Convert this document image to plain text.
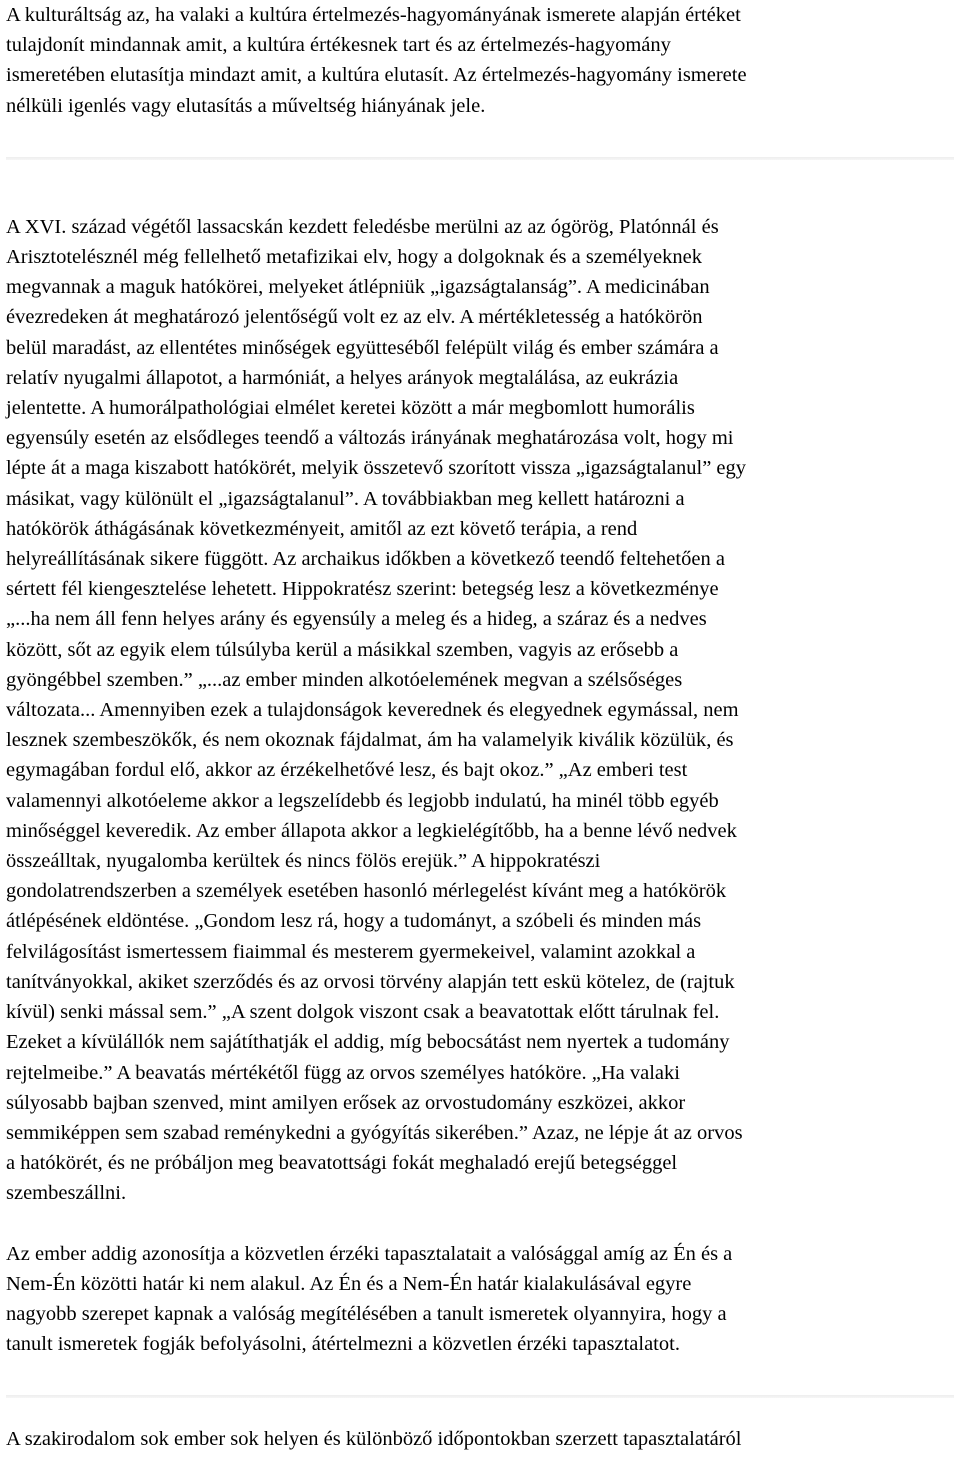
A kulturáltság az, ha valaki a kultúra értelmezés-hagyományának ismerete alapján értéket
tulajdonít mindannak amit, a kultúra értékesnek tart és az értelmezés-hagyomány
ismeretében elutasítja mindazt amit, a kultúra elutasít. Az értelmezés-hagyomány ismerete
nélküli igenlés vagy elutasítás a műveltség hiányának jele.

A XVI. század végétől lassacskán kezdett feledésbe merülni az az ógörög, Platónnál és
Arisztotelésznél még fellelhető metafizikai elv, hogy a dolgoknak és a személyeknek
megvannak a maguk hatókörei, melyeket átlépniük „igazságtalanság”. A medicinában
évezredeken át meghatározó jelentőségű volt ez az elv. A mértékletesség a hatókörön
belül maradást, az ellentétes minőségek együtteséből felépült világ és ember számára a
relatív nyugalmi állapotot, a harmóniát, a helyes arányok megtalálása, az eukrázia
jelentette. A humorálpathológiai elmélet keretei között a már megbomlott humorális
egyensúly esetén az elsődleges teendő a változás irányának meghatározása volt, hogy mi
lépte át a maga kiszabott hatókörét, melyik összetevő szorított vissza „igazságtalanul” egy
másikat, vagy különült el „igazságtalanul”. A továbbiakban meg kellett határozni a
hatókörök áthágásának következményeit, amitől az ezt követő terápia, a rend
helyreállításának sikere függött. Az archaikus időkben a következő teendő feltehetően a
sértett fél kiengesztelése lehetett. Hippokratész szerint: betegség lesz a következménye
„...ha nem áll fenn helyes arány és egyensúly a meleg és a hideg, a száraz és a nedves
között, sőt az egyik elem túlsúlyba kerül a másikkal szemben, vagyis az erősebb a
gyöngébbel szemben.” „...az ember minden alkotóelemének megvan a szélsőséges
változata... Amennyiben ezek a tulajdonságok keverednek és elegyednek egymással, nem
lesznek szembeszökők, és nem okoznak fájdalmat, ám ha valamelyik kiválik közülük, és
egymagában fordul elő, akkor az érzékelhetővé lesz, és bajt okoz.” „Az emberi test
valamennyi alkotóeleme akkor a legszelídebb és legjobb indulatú, ha minél több egyéb
minőséggel keveredik. Az ember állapota akkor a legkielégítőbb, ha a benne lévő nedvek
összeálltak, nyugalomba kerültek és nincs fölös erejük.” A hippokratészi
gondolatrendszerben a személyek esetében hasonló mérlegelést kívánt meg a hatókörök
átlépésének eldöntése. „Gondom lesz rá, hogy a tudományt, a szóbeli és minden más
felvilágosítást ismertessem fiaimmal és mesterem gyermekeivel, valamint azokkal a
tanítványokkal, akiket szerződés és az orvosi törvény alapján tett eskü kötelez, de (rajtuk
kívül) senki mással sem.” „A szent dolgok viszont csak a beavatottak előtt tárulnak fel.
Ezeket a kívülállók nem sajátíthatják el addig, míg bebocsátást nem nyertek a tudomány
rejtelmeibe.” A beavatás mértékétől függ az orvos személyes hatóköre. „Ha valaki
súlyosabb bajban szenved, mint amilyen erősek az orvostudomány eszközei, akkor
semmiképpen sem szabad reménykedni a gyógyítás sikerében.” Azaz, ne lépje át az orvos
a hatókörét, és ne próbáljon meg beavatottsági fokát meghaladó erejű betegséggel
szembeszállni.

Az ember addig azonosítja a közvetlen érzéki tapasztalatait a valósággal amíg az Én és a
Nem-Én közötti határ ki nem alakul. Az Én és a Nem-Én határ kialakulásával egyre
nagyobb szerepet kapnak a valóság megítélésében a tanult ismeretek olyannyira, hogy a
tanult ismeretek fogják befolyásolni, átértelmezni a közvetlen érzéki tapasztalatot.

A szakirodalom sok ember sok helyen és különböző időpontokban szerzett tapasztalatáról
